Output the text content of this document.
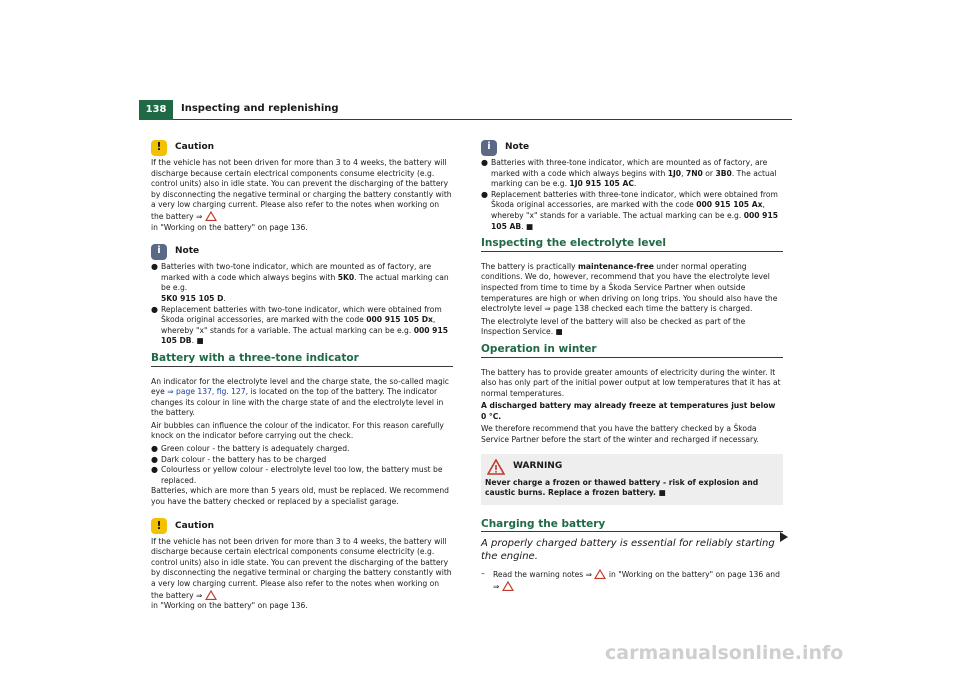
138	Inspecting and replenishing
!	Caution

If the vehicle has not been driven for more than 3 to 4 weeks, the battery will discharge because certain electrical components consume electricity (e.g. control units) also in idle state. You can prevent the discharging of the battery by disconnecting the negative terminal or charging the battery constantly with a very low charging current. Please also refer to the notes when working on the battery ⇒
in "Working on the battery" on page 136.

i	Note
● Batteries with two-tone indicator, which are mounted as of factory, are marked with a code which always begins with 5K0. The actual marking can be e.g.
5K0 915 105 D.
● Replacement batteries with two-tone indicator, which were obtained from Škoda original accessories, are marked with the code 000 915 105 Dx, whereby "x" stands for a variable. The actual marking can be e.g. 000 915 105 DB. ■
Battery with a three-tone indicator

An indicator for the electrolyte level and the charge state, the so-called magic eye ⇒ page 137, fig. 127, is located on the top of the battery. The indicator changes its colour in line with the charge state of and the electrolyte level in the battery.

Air bubbles can influence the colour of the indicator. For this reason carefully knock on the indicator before carrying out the check.

● Green colour - the battery is adequately charged.
● Dark colour - the battery has to be charged
● Colourless or yellow colour - electrolyte level too low, the battery must be replaced.

Batteries, which are more than 5 years old, must be replaced. We recommend you have the battery checked or replaced by a specialist garage.

!	Caution

If the vehicle has not been driven for more than 3 to 4 weeks, the battery will discharge because certain electrical components consume electricity (e.g. control units) also in idle state. You can prevent the discharging of the battery by disconnecting the negative terminal or charging the battery constantly with a very low charging current. Please also refer to the notes when working on the battery ⇒
in "Working on the battery" on page 136.

i	Note
● Batteries with three-tone indicator, which are mounted as of factory, are marked with a code which always begins with 1J0, 7N0 or 3B0. The actual marking can be e.g. 1J0 915 105 AC.
● Replacement batteries with three-tone indicator, which were obtained from Škoda original accessories, are marked with the code 000 915 105 Ax, whereby "x" stands for a variable. The actual marking can be e.g. 000 915 105 AB. ■
Inspecting the electrolyte level

The battery is practically maintenance-free under normal operating conditions. We do, however, recommend that you have the electrolyte level inspected from time to time by a Škoda Service Partner when outside temperatures are high or when driving on long trips. You should also have the electrolyte level ⇒ page 138 checked each time the battery is charged.

The electrolyte level of the battery will also be checked as part of the Inspection Service. ■

Operation in winter

The battery has to provide greater amounts of electricity during the winter. It also has only part of the initial power output at low temperatures that it has at normal temperatures.

A discharged battery may already freeze at temperatures just below 0 °C.

We therefore recommend that you have the battery checked by a Škoda Service Partner before the start of the winter and recharged if necessary.

WARNING

Never charge a frozen or thawed battery - risk of explosion and caustic burns. Replace a frozen battery. ■

Charging the battery

A properly charged battery is essential for reliably starting the engine.

–	Read the warning notes ⇒ in "Working on the battery" on page 136 and
⇒
carmanualsonline.info
